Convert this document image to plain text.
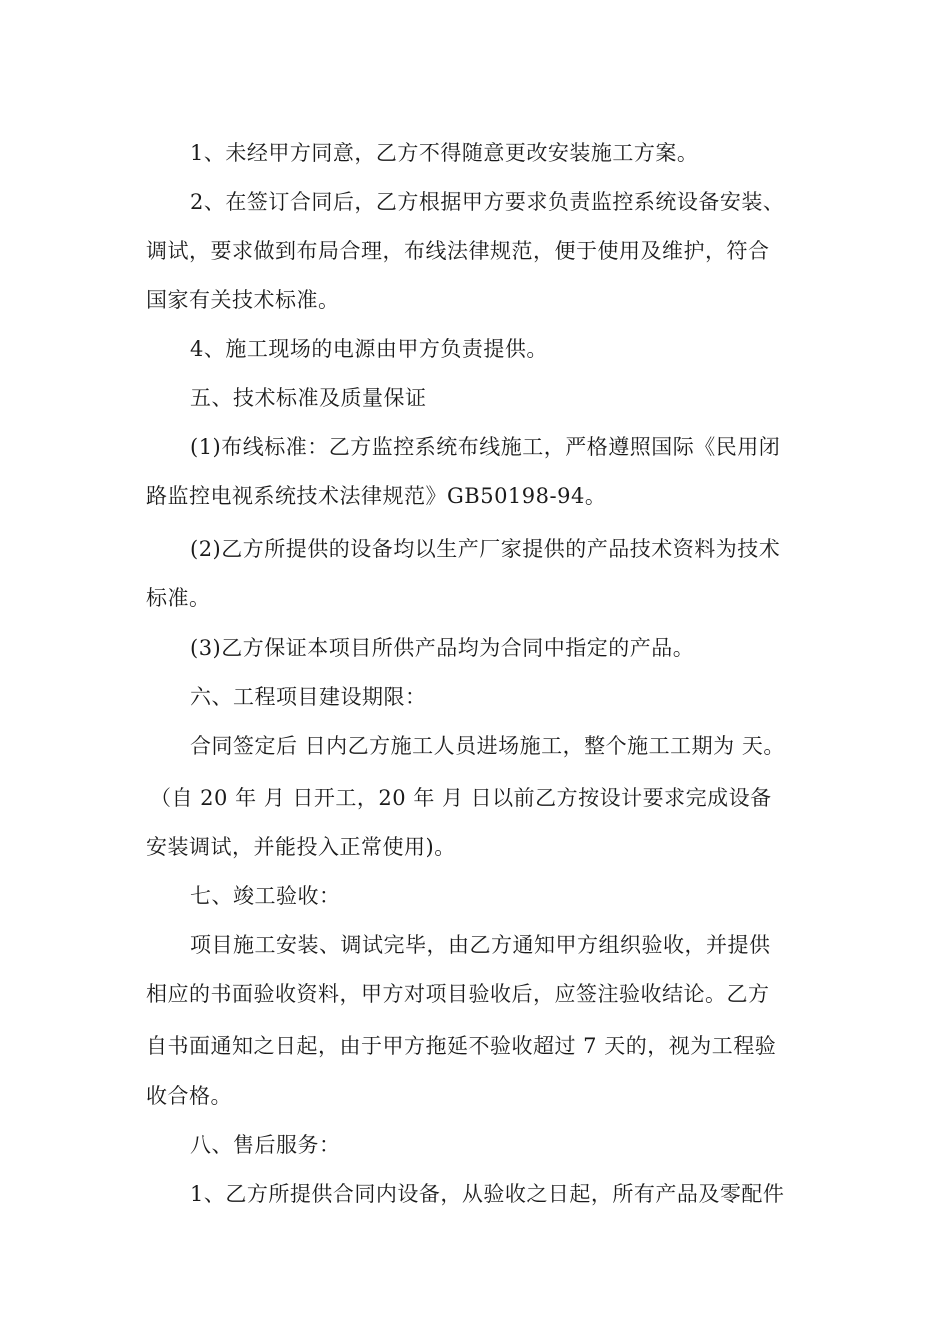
1、未经甲方同意，乙方不得随意更改安装施工方案。
2、在签订合同后，乙方根据甲方要求负责监控系统设备安装、
调试，要求做到布局合理，布线法律规范，便于使用及维护，符合
国家有关技术标准。
4、施工现场的电源由甲方负责提供。
五、技术标准及质量保证
(1)布线标准：乙方监控系统布线施工，严格遵照国际《民用闭
路监控电视系统技术法律规范》GB50198-94。
(2)乙方所提供的设备均以生产厂家提供的产品技术资料为技术
标准。
(3)乙方保证本项目所供产品均为合同中指定的产品。
六、工程项目建设期限：
合同签定后 日内乙方施工人员进场施工，整个施工工期为 天。
（自 20 年 月 日开工，20 年 月 日以前乙方按设计要求完成设备
安装调试，并能投入正常使用)。
七、竣工验收：
项目施工安装、调试完毕，由乙方通知甲方组织验收，并提供
相应的书面验收资料，甲方对项目验收后，应签注验收结论。乙方
自书面通知之日起，由于甲方拖延不验收超过 7 天的，视为工程验
收合格。
八、售后服务：
1、乙方所提供合同内设备，从验收之日起，所有产品及零配件
